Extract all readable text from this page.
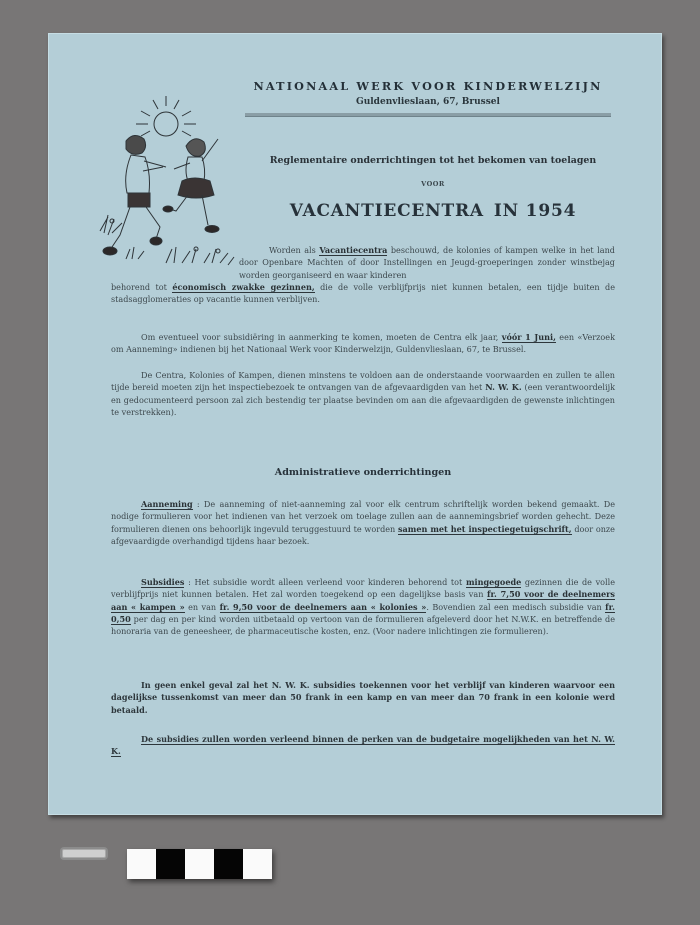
NATIONAAL WERK VOOR KINDERWELZIJN
Guldenvlieslaan, 67, Brussel
Reglementaire onderrichtingen tot het bekomen van toelagen
VOOR
VACANTIECENTRA IN 1954
Worden als Vacantiecentra beschouwd, de kolonies of kampen welke in het land door Openbare Machten of door Instellingen en Jeugd-groeperingen zonder winstbejag worden georganiseerd en waar kinderen
behorend tot économisch zwakke gezinnen, die de volle verblijfprijs niet kunnen betalen, een tijdje buiten de stadsagglomeraties op vacantie kunnen verblijven.
Om eventueel voor subsidiëring in aanmerking te komen, moeten de Centra elk jaar, vóór 1 Juni, een «Verzoek om Aanneming» indienen bij het Nationaal Werk voor Kinderwelzijn, Guldenvlieslaan, 67, te Brussel.
De Centra, Kolonies of Kampen, dienen minstens te voldoen aan de onderstaande voorwaarden en zullen te allen tijde bereid moeten zijn het inspectiebezoek te ontvangen van de afgevaardigden van het N. W. K. (een verantwoordelijk en gedocumenteerd persoon zal zich bestendig ter plaatse bevinden om aan die afgevaardigden de gewenste inlichtingen te verstrekken).
Administratieve onderrichtingen
Aanneming : De aanneming of niet-aanneming zal voor elk centrum schriftelijk worden bekend gemaakt. De nodige formulieren voor het indienen van het verzoek om toelage zullen aan de aannemingsbrief worden gehecht. Deze formulieren dienen ons behoorlijk ingevuld teruggestuurd te worden samen met het inspectiegetuigschrift, door onze afgevaardigde overhandigd tijdens haar bezoek.
Subsidies : Het subsidie wordt alleen verleend voor kinderen behorend tot mingegoede gezinnen die de volle verblijfprijs niet kunnen betalen. Het zal worden toegekend op een dagelijkse basis van fr. 7,50 voor de deelnemers aan « kampen » en van fr. 9,50 voor de deelnemers aan « kolonies ». Bovendien zal een medisch subsidie van fr. 0,50 per dag en per kind worden uitbetaald op vertoon van de formulieren afgeleverd door het N.W.K. en betreffende de honoraria van de geneesheer, de pharmaceutische kosten, enz. (Voor nadere inlichtingen zie formulieren).
In geen enkel geval zal het N. W. K. subsidies toekennen voor het verblijf van kinderen waarvoor een dagelijkse tussenkomst van meer dan 50 frank in een kamp en van meer dan 70 frank in een kolonie werd betaald.
De subsidies zullen worden verleend binnen de perken van de budgetaire mogelijkheden van het N. W. K.
